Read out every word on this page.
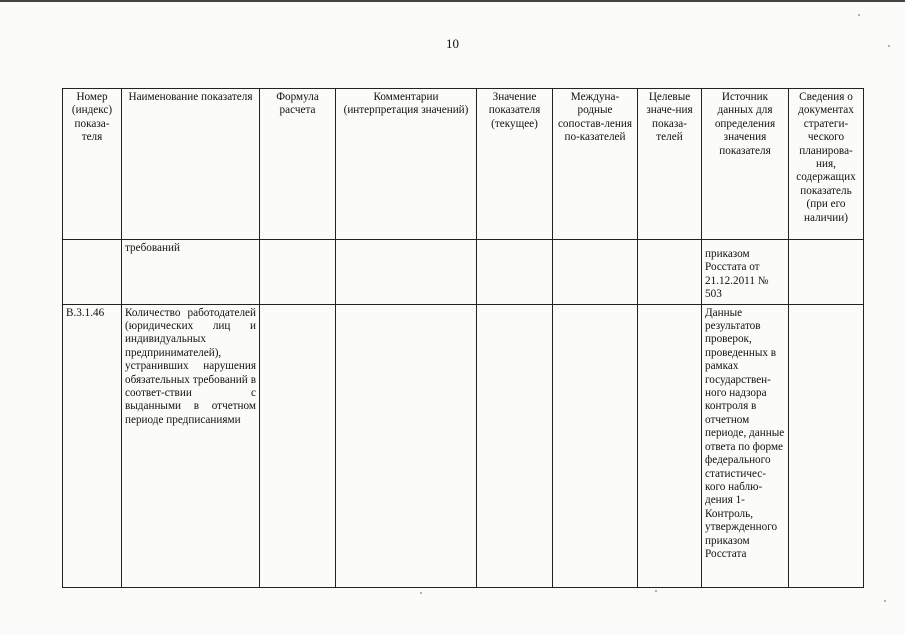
10
Номер (индекс) показа-теля	Наименование показателя	Формула расчета	Комментарии (интерпретация значений)	Значение показателя (текущее)	Междуна-родные сопостав-ления по-казателей	Целевые значе-ния показа-телей	Источник данных для определения значения показателя	Сведения о документах стратеги-ческого планирова-ния, содержащих показатель (при его наличии)
	требований						приказом Росстата от 21.12.2011 № 503	
В.3.1.46	Количество работодателей (юридических лиц и индивидуальных предпринимателей), устранивших нарушения обязательных требований в соответ-ствии с выданными в отчетном периоде предписаниями						Данные результатов проверок, проведенных в рамках государствен-ного надзора контроля в отчетном периоде, данные ответа по форме федерального статистичес-кого наблю-дения 1-Контроль, утвержденного приказом Росстата	
